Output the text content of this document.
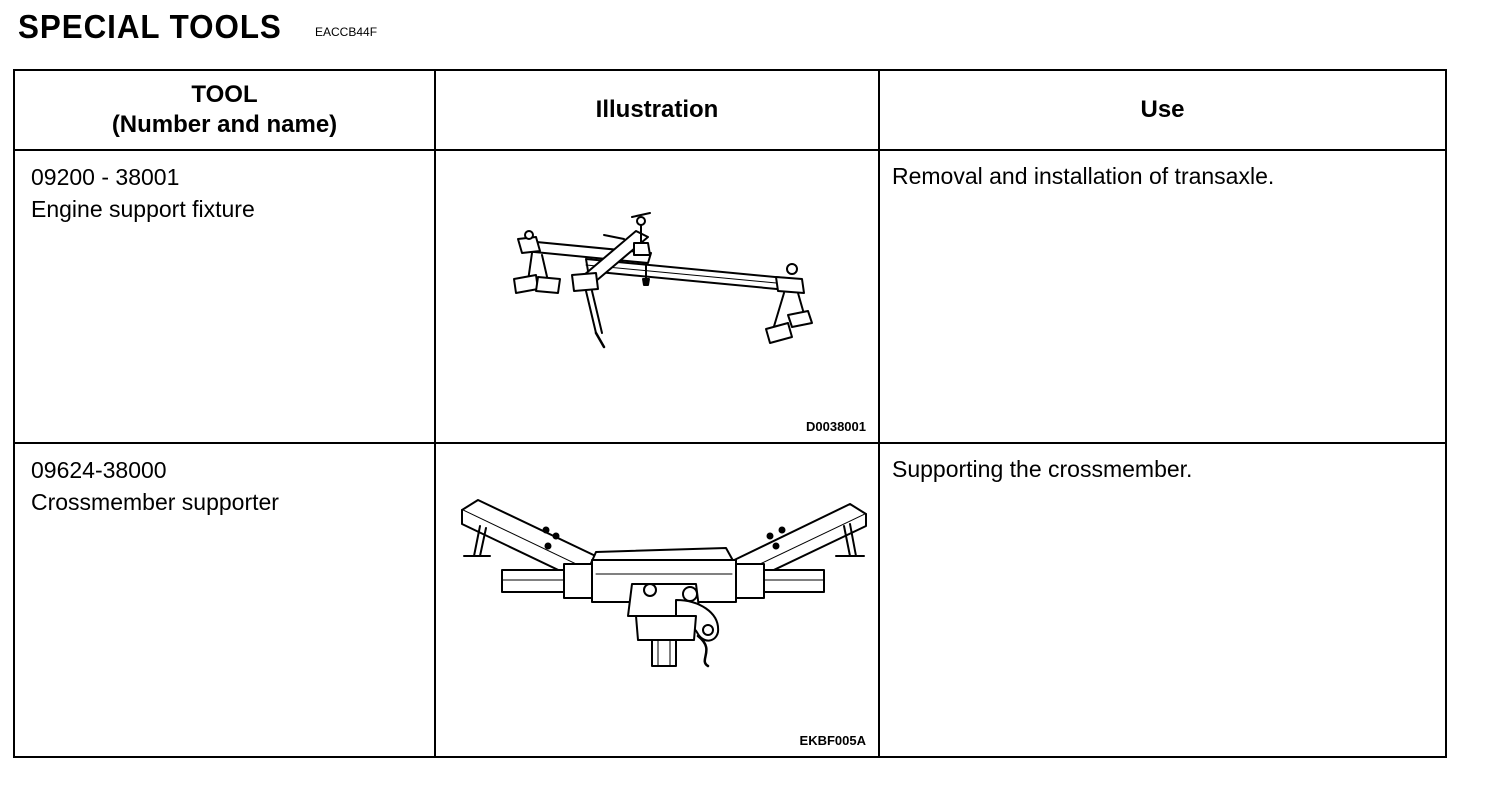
SPECIAL TOOLS	EACCB44F
TOOL
(Number and name)	Illustration	Use

09200 - 38001
Engine support fixture	D0038001	Removal and installation of transaxle.

09624-38000
Crossmember supporter	EKBF005A	Supporting the crossmember.
